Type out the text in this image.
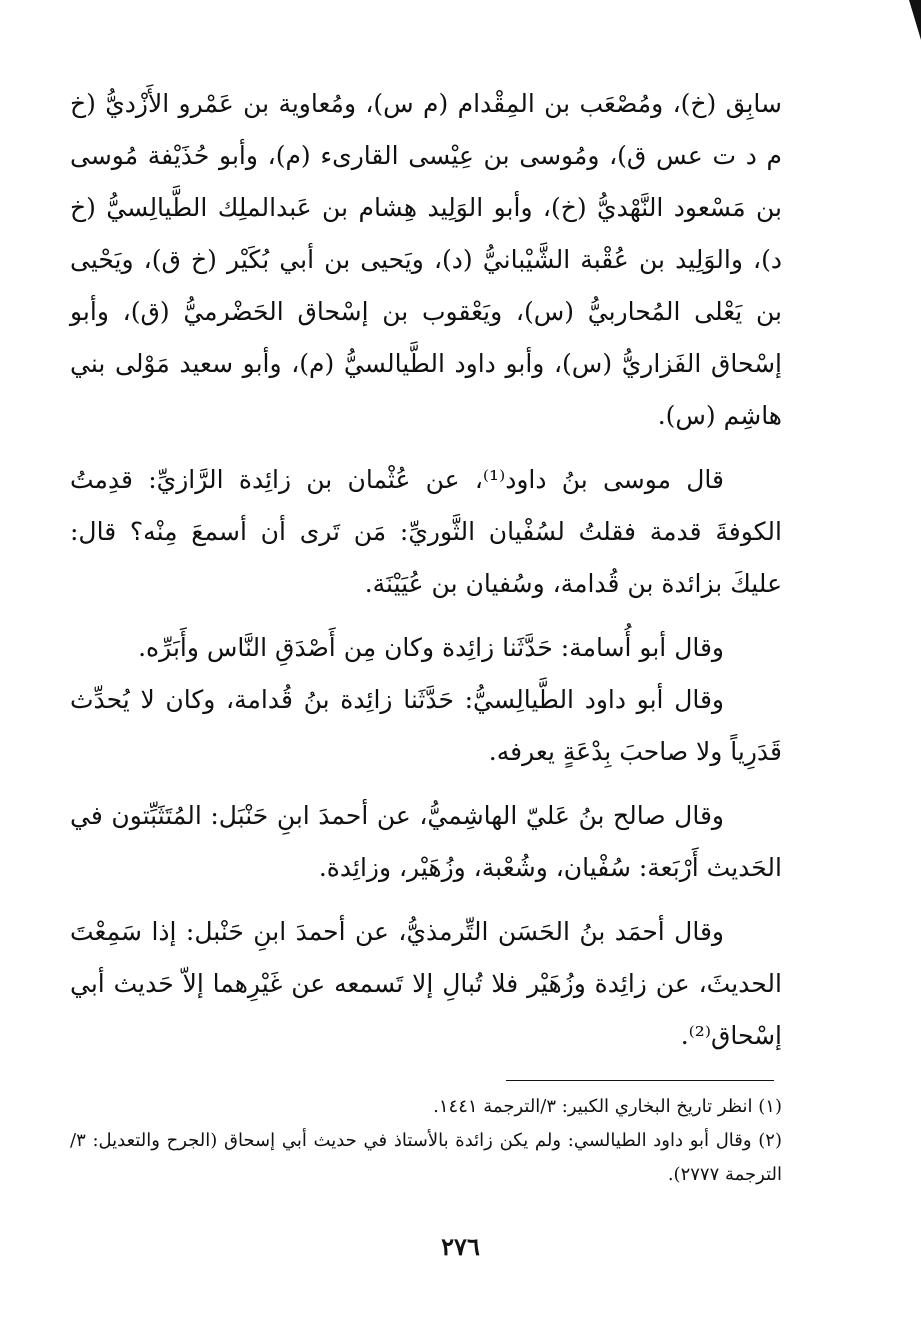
سابِق (خ)، ومُصْعَب بن المِقْدام (م س)، ومُعاوية بن عَمْرو الأَزْديُّ (خ م د ت عس ق)، ومُوسى بن عِيْسى القارىء (م)، وأبو حُذَيْفة مُوسى بن مَسْعود النَّهْديُّ (خ)، وأبو الوَلِيد هِشام بن عَبدالملِك الطَّيالِسيُّ (خ د)، والوَلِيد بن عُقْبة الشَّيْبانيُّ (د)، ويَحيى بن أبي بُكَيْر (خ ق)، ويَحْيى بن يَعْلى المُحاربيُّ (س)، ويَعْقوب بن إسْحاق الحَضْرميُّ (ق)، وأبو إسْحاق الفَزاريُّ (س)، وأبو داود الطَّيالسيُّ (م)، وأبو سعيد مَوْلى بني هاشِم (س).

قال موسى بنُ داود⁽¹⁾، عن عُثْمان بن زائِدة الرَّازيِّ: قدِمتُ الكوفةَ قدمة فقلتُ لسُفْيان الثَّوريِّ: مَن تَرى أن أسمعَ مِنْه؟ قال: عليكَ بزائدة بن قُدامة، وسُفيان بن عُيَيْنَة.

وقال أبو أُسامة: حَدَّثَنا زائِدة وكان مِن أَصْدَقِ النَّاس وأَبَرِّه.

وقال أبو داود الطَّيالِسيُّ: حَدَّثَنا زائِدة بنُ قُدامة، وكان لا يُحدِّث قَدَرِياً ولا صاحبَ بِدْعَةٍ يعرفه.

وقال صالح بنُ عَليّ الهاشِميُّ، عن أحمدَ ابنِ حَنْبَل: المُتَثَبِّتون في الحَديث أَرْبَعة: سُفْيان، وشُعْبة، وزُهَيْر، وزائِدة.

وقال أحمَد بنُ الحَسَن التِّرمذيُّ، عن أحمدَ ابنِ حَنْبل: إذا سَمِعْتَ الحديثَ، عن زائِدة وزُهَيْر فلا تُبالِ إلا تَسمعه عن غَيْرِهما إلاّ حَديث أبي إسْحاق⁽²⁾.

(١) انظر تاريخ البخاري الكبير: ٣/الترجمة ١٤٤١.

(٢) وقال أبو داود الطيالسي: ولم يكن زائدة بالأستاذ في حديث أبي إسحاق (الجرح والتعديل: ٣/ الترجمة ٢٧٧٧).

٢٧٦
